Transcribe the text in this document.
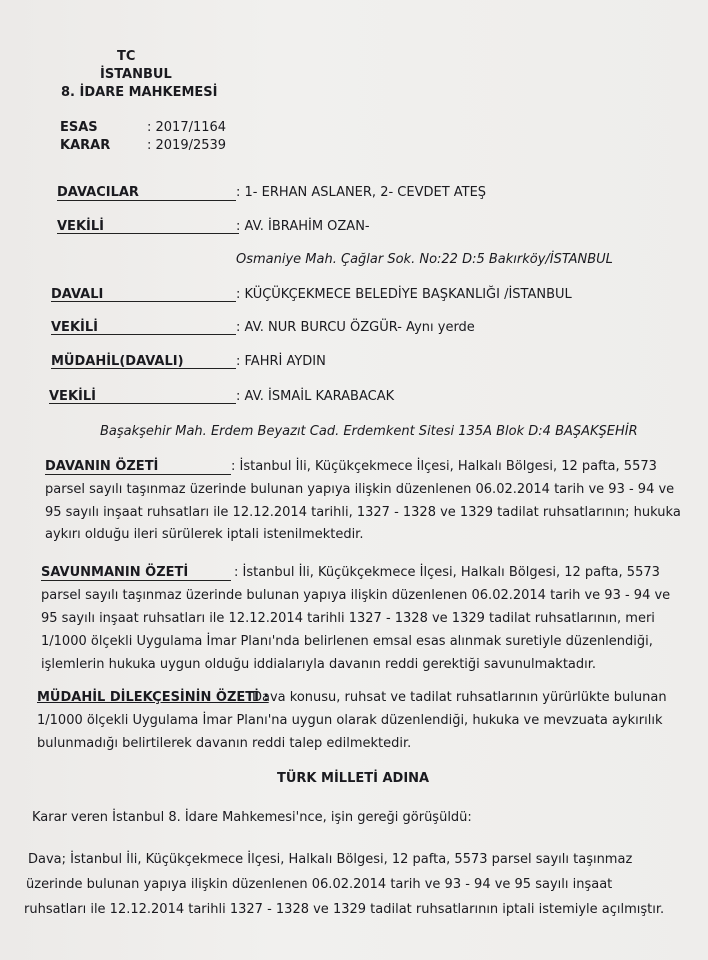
TC
İSTANBUL
8. İDARE MAHKEMESİ
ESAS	: 2017/1164
KARAR	: 2019/2539
DAVACILAR	: 1- ERHAN ASLANER, 2- CEVDET ATEŞ
VEKİLİ	: AV. İBRAHİM OZAN-
Osmaniye Mah. Çağlar Sok. No:22 D:5 Bakırköy/İSTANBUL
DAVALI	: KÜÇÜKÇEKMECE BELEDİYE BAŞKANLIĞI /İSTANBUL
VEKİLİ	: AV. NUR BURCU ÖZGÜR- Aynı yerde
MÜDAHİL(DAVALI)	: FAHRİ AYDIN
VEKİLİ	: AV. İSMAİL KARABACAK
Başakşehir Mah. Erdem Beyazıt Cad. Erdemkent Sitesi 135A Blok D:4 BAŞAKŞEHİR
DAVANIN ÖZETİ	: İstanbul İli, Küçükçekmece İlçesi, Halkalı Bölgesi, 12 pafta, 5573
parsel sayılı taşınmaz üzerinde bulunan yapıya ilişkin düzenlenen 06.02.2014 tarih ve 93 - 94 ve
95 sayılı inşaat ruhsatları ile 12.12.2014 tarihli, 1327 - 1328 ve 1329 tadilat ruhsatlarının; hukuka
aykırı olduğu ileri sürülerek iptali istenilmektedir.
SAVUNMANIN ÖZETİ	: İstanbul İli, Küçükçekmece İlçesi, Halkalı Bölgesi, 12 pafta, 5573
parsel sayılı taşınmaz üzerinde bulunan yapıya ilişkin düzenlenen 06.02.2014 tarih ve 93 - 94 ve
95 sayılı inşaat ruhsatları ile 12.12.2014 tarihli 1327 - 1328 ve 1329 tadilat ruhsatlarının, meri
1/1000 ölçekli Uygulama İmar Planı'nda belirlenen emsal esas alınmak suretiyle düzenlendiği,
işlemlerin hukuka uygun olduğu iddialarıyla davanın reddi gerektiği savunulmaktadır.
MÜDAHİL DİLEKÇESİNİN ÖZETİ :
Dava konusu, ruhsat ve tadilat ruhsatlarının yürürlükte bulunan
1/1000 ölçekli Uygulama İmar Planı'na uygun olarak düzenlendiği, hukuka ve mevzuata aykırılık
bulunmadığı belirtilerek davanın reddi talep edilmektedir.
TÜRK MİLLETİ ADINA
Karar veren İstanbul 8. İdare Mahkemesi'nce, işin gereği görüşüldü:
Dava; İstanbul İli, Küçükçekmece İlçesi, Halkalı Bölgesi, 12 pafta, 5573 parsel sayılı taşınmaz
üzerinde bulunan yapıya ilişkin düzenlenen 06.02.2014 tarih ve 93 - 94 ve 95 sayılı inşaat
ruhsatları ile 12.12.2014 tarihli 1327 - 1328 ve 1329 tadilat ruhsatlarının iptali istemiyle açılmıştır.
